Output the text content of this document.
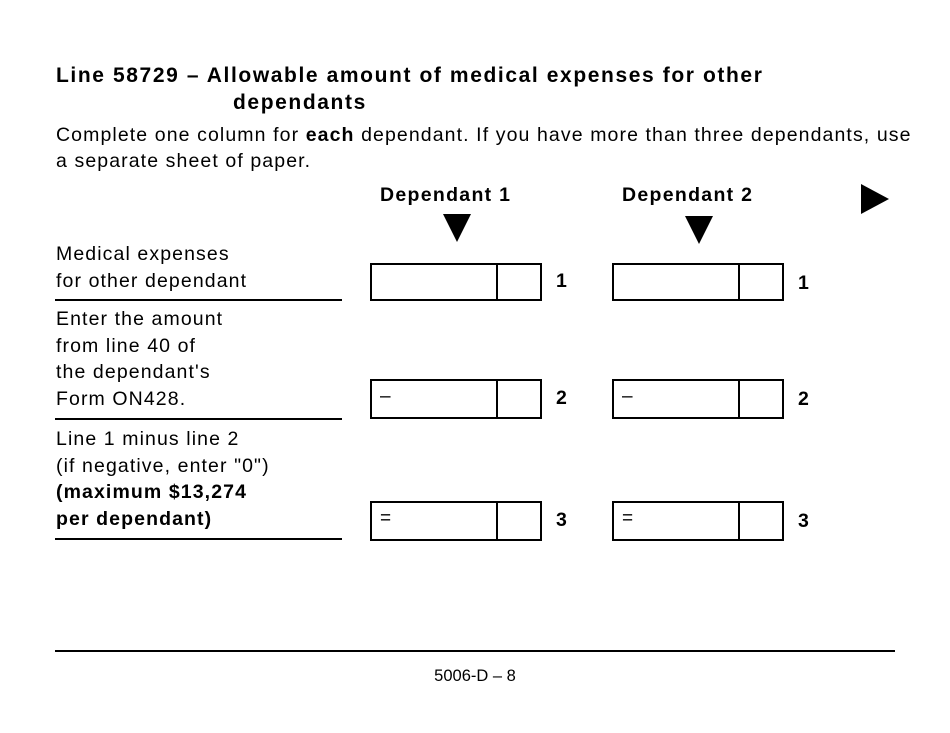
Line 58729 – Allowable amount of medical expenses for other
dependants
Complete one column for each dependant. If you have more than three dependants, use a separate sheet of paper.
Dependant 1	Dependant 2
Medical expenses
for other dependant	1	1
Enter the amount
from line 40 of
the dependant's
Form ON428.	–	2	–	2
Line 1 minus line 2
(if negative, enter "0")
(maximum $13,274
per dependant)	=	3	=	3
5006-D – 8
